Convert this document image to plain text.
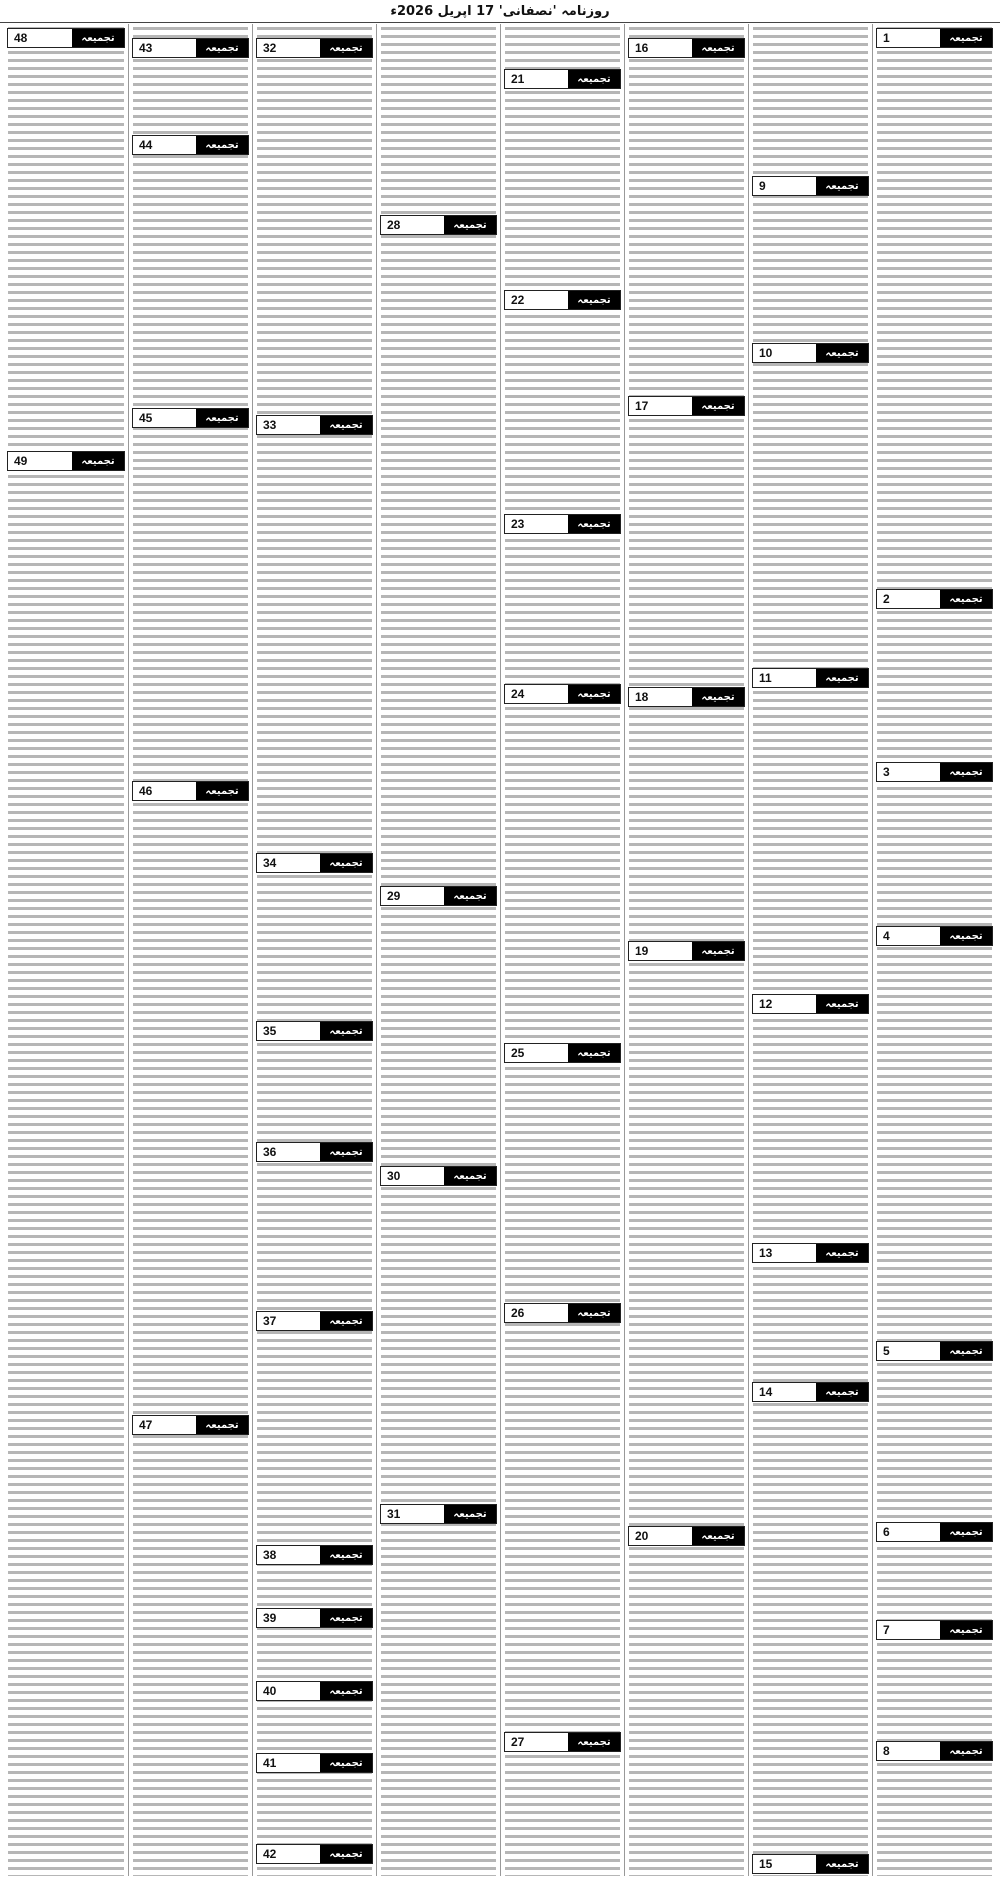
روزنامہ 'نصفانی' 17 اپریل 2026ء
تجمیعہ
1
تجمیعہ
2
تجمیعہ
3
تجمیعہ
4
تجمیعہ
5
تجمیعہ
6
تجمیعہ
7
تجمیعہ
8
تجمیعہ
9
تجمیعہ
10
تجمیعہ
11
تجمیعہ
12
تجمیعہ
13
تجمیعہ
14
تجمیعہ
15
تجمیعہ
16
تجمیعہ
17
تجمیعہ
18
تجمیعہ
19
تجمیعہ
20
تجمیعہ
21
تجمیعہ
22
تجمیعہ
23
تجمیعہ
24
تجمیعہ
25
تجمیعہ
26
تجمیعہ
27
تجمیعہ
28
تجمیعہ
29
تجمیعہ
30
تجمیعہ
31
تجمیعہ
32
تجمیعہ
33
تجمیعہ
34
تجمیعہ
35
تجمیعہ
36
تجمیعہ
37
تجمیعہ
38
تجمیعہ
39
تجمیعہ
40
تجمیعہ
41
تجمیعہ
42
تجمیعہ
43
تجمیعہ
44
تجمیعہ
45
تجمیعہ
46
تجمیعہ
47
تجمیعہ
48
تجمیعہ
49
